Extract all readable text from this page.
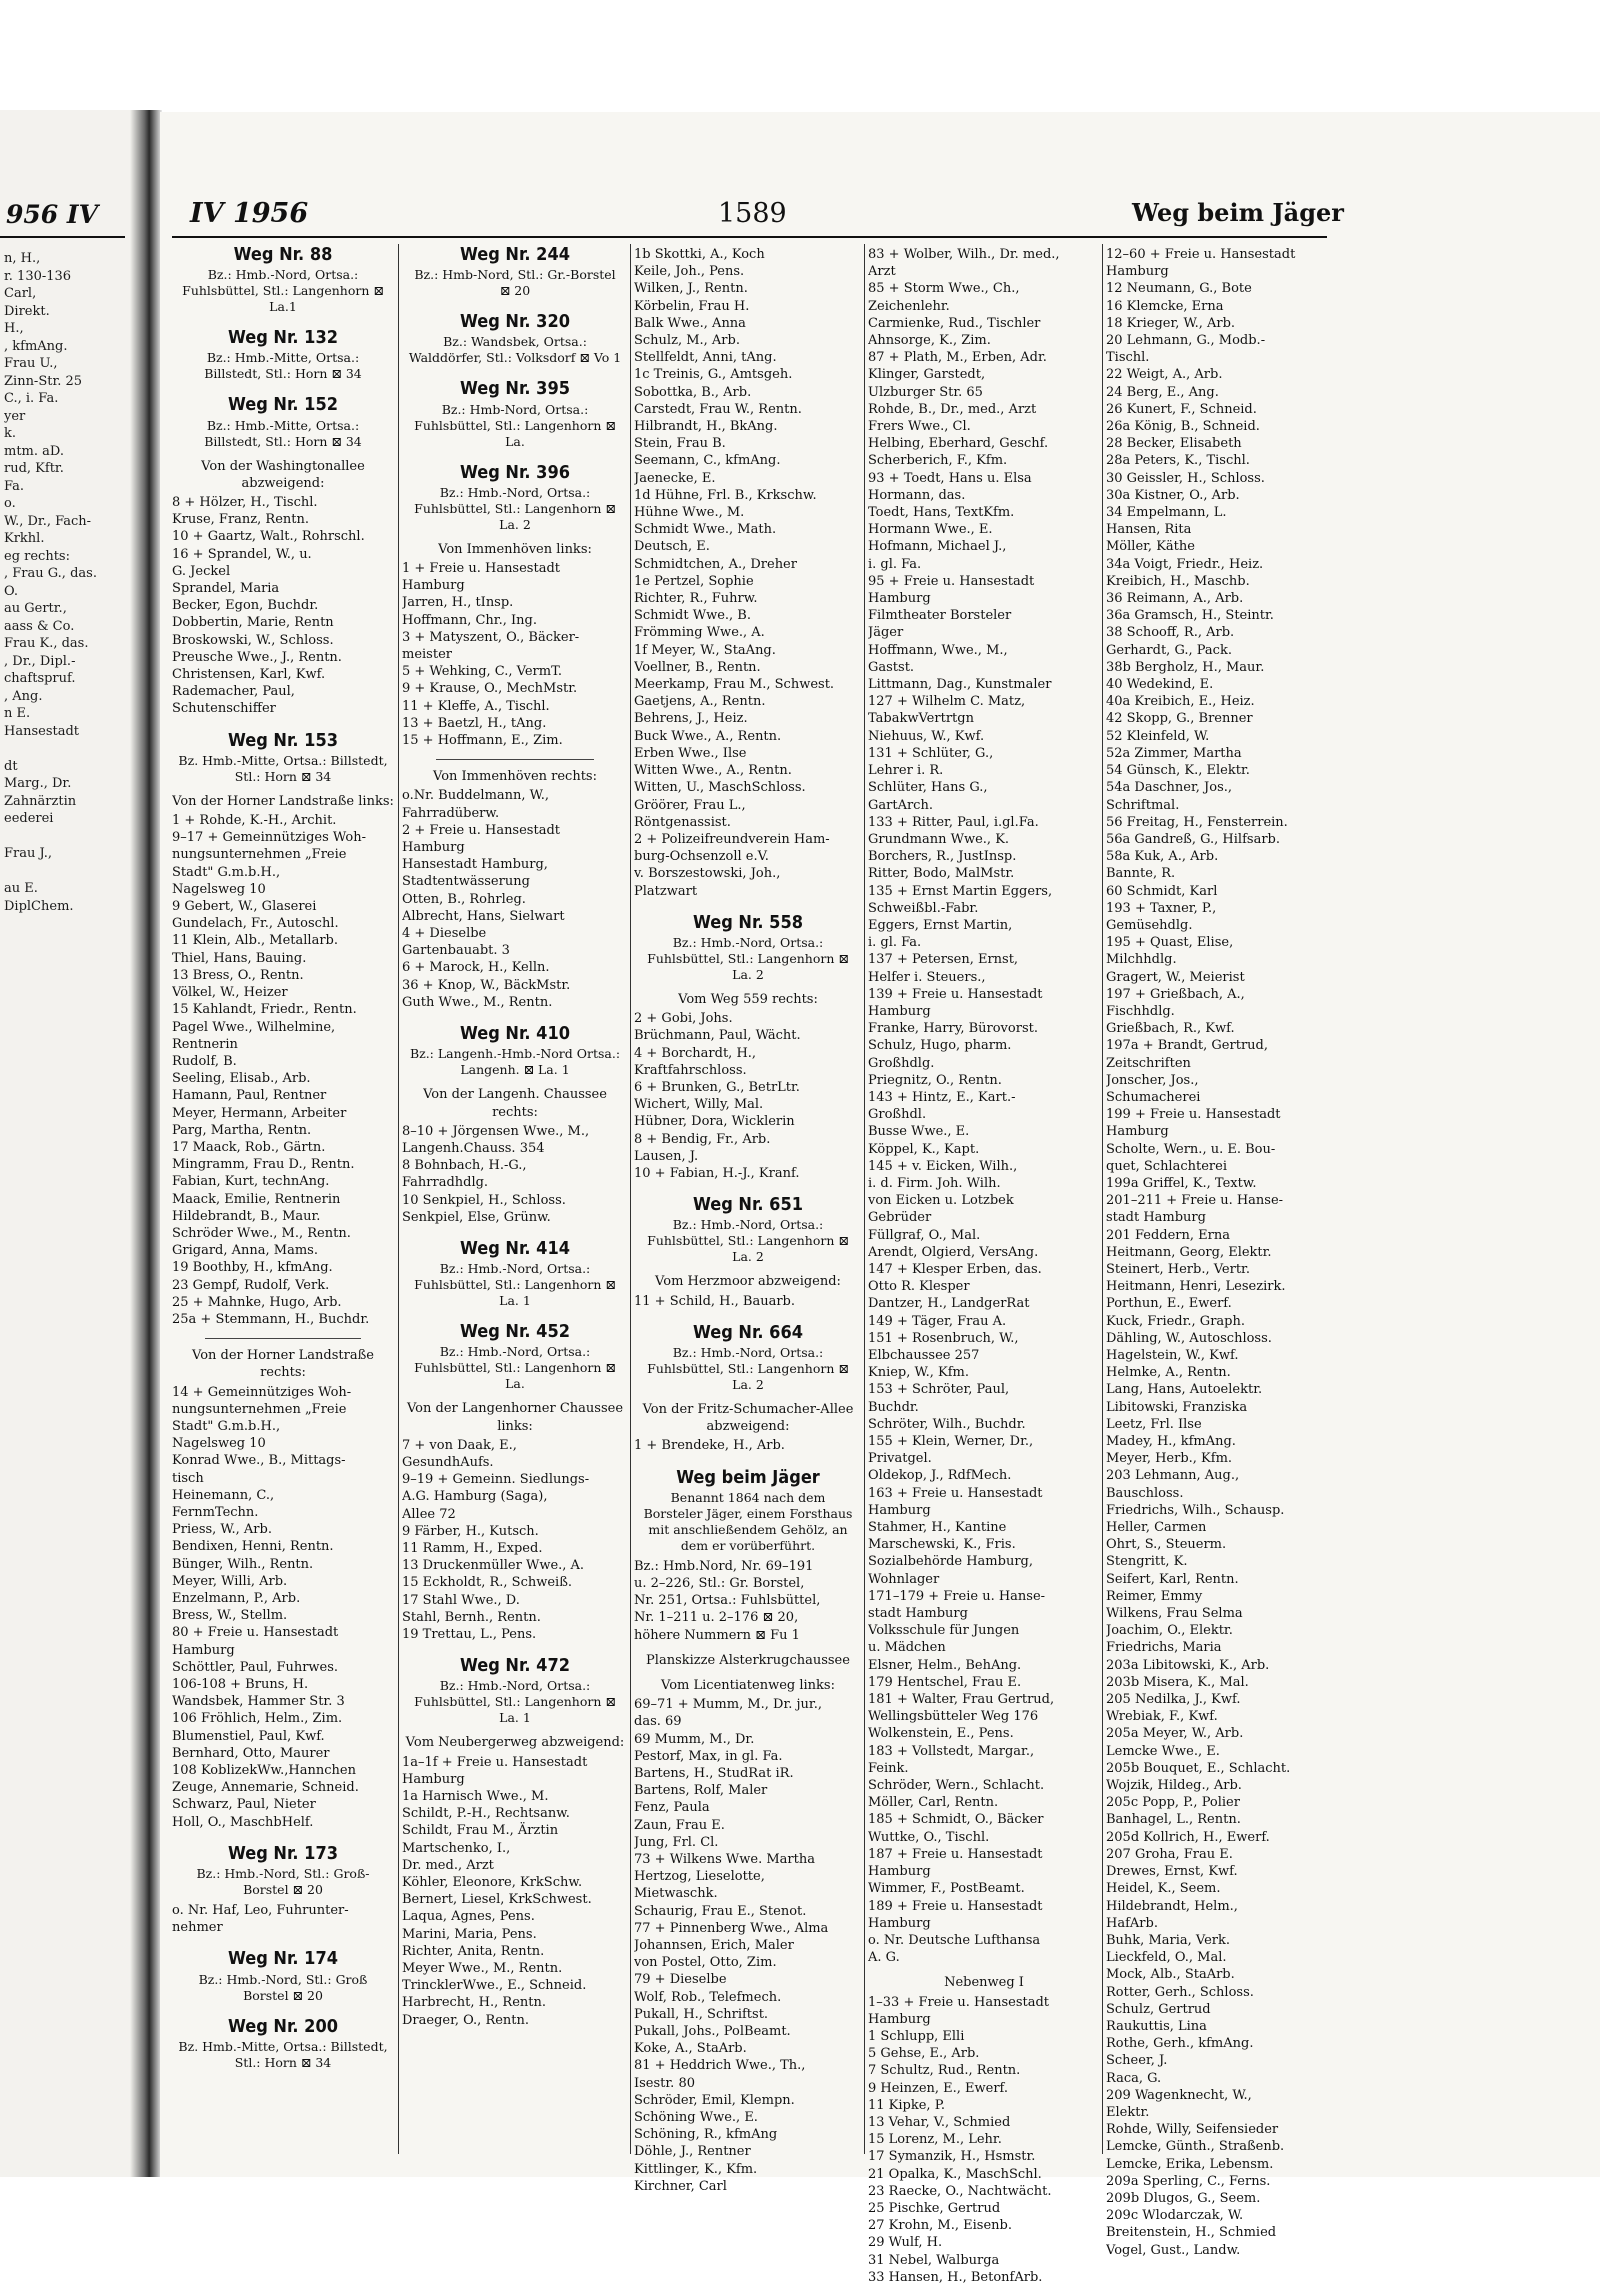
956 IV
n, H.,
r. 130-136
Carl,
Direkt.
H.,
, kfmAng.
Frau U.,
Zinn-Str. 25
C., i. Fa.
yer
k.
mtm. aD.
rud, Kftr.
Fa.
o.
W., Dr., Fach-
Krkhl.
eg rechts:
, Frau G., das.
O.
au Gertr.,
aass & Co.
Frau K., das.
, Dr., Dipl.-
chaftspruf.
, Ang.
n E.
Hansestadt

dt
Marg., Dr.
Zahnärztin
eederei

Frau J.,

au E.
DiplChem.
IV 1956	1589	Weg beim Jäger
Weg Nr. 88
Bz.: Hmb.-Nord, Ortsa.: Fuhlsbüttel, Stl.: Langenhorn ⊠ La.1
Weg Nr. 132
Bz.: Hmb.-Mitte, Ortsa.: Billstedt, Stl.: Horn ⊠ 34
Weg Nr. 152
Bz.: Hmb.-Mitte, Ortsa.: Billstedt, Stl.: Horn ⊠ 34
Von der Washingtonallee abzweigend:
8 + Hölzer, H., Tischl.
Kruse, Franz, Rentn.
10 + Gaartz, Walt., Rohrschl.
16 + Sprandel, W., u.
G. Jeckel
Sprandel, Maria
Becker, Egon, Buchdr.
Dobbertin, Marie, Rentn
Broskowski, W., Schloss.
Preusche Wwe., J., Rentn.
Christensen, Karl, Kwf.
Rademacher, Paul,
Schutenschiffer
Weg Nr. 153
Bz. Hmb.-Mitte, Ortsa.: Billstedt, Stl.: Horn ⊠ 34
Von der Horner Landstraße links:
1 + Rohde, K.-H., Archit.
9–17 + Gemeinnütziges Woh-
nungsunternehmen „Freie
Stadt" G.m.b.H.,
Nagelsweg 10
9 Gebert, W., Glaserei
Gundelach, Fr., Autoschl.
11 Klein, Alb., Metallarb.
Thiel, Hans, Bauing.
13 Bress, O., Rentn.
Völkel, W., Heizer
15 Kahlandt, Friedr., Rentn.
Pagel Wwe., Wilhelmine,
Rentnerin
Rudolf, B.
Seeling, Elisab., Arb.
Hamann, Paul, Rentner
Meyer, Hermann, Arbeiter
Parg, Martha, Rentn.
17 Maack, Rob., Gärtn.
Mingramm, Frau D., Rentn.
Fabian, Kurt, technAng.
Maack, Emilie, Rentnerin
Hildebrandt, B., Maur.
Schröder Wwe., M., Rentn.
Grigard, Anna, Mams.
19 Boothby, H., kfmAng.
23 Gempf, Rudolf, Verk.
25 + Mahnke, Hugo, Arb.
25a + Stemmann, H., Buchdr.
Von der Horner Landstraße rechts:
14 + Gemeinnütziges Woh-
nungsunternehmen „Freie
Stadt" G.m.b.H.,
Nagelsweg 10
Konrad Wwe., B., Mittags-
tisch
Heinemann, C.,
FernmTechn.
Priess, W., Arb.
Bendixen, Henni, Rentn.
Bünger, Wilh., Rentn.
Meyer, Willi, Arb.
Enzelmann, P., Arb.
Bress, W., Stellm.
80 + Freie u. Hansestadt
Hamburg
Schöttler, Paul, Fuhrwes.
106-108 + Bruns, H.
Wandsbek, Hammer Str. 3
106 Fröhlich, Helm., Zim.
Blumenstiel, Paul, Kwf.
Bernhard, Otto, Maurer
108 KoblizekWw.,Hannchen
Zeuge, Annemarie, Schneid.
Schwarz, Paul, Nieter
Holl, O., MaschbHelf.
Weg Nr. 173
Bz.: Hmb.-Nord, Stl.: Groß-Borstel ⊠ 20
o. Nr. Haf, Leo, Fuhrunter-
nehmer
Weg Nr. 174
Bz.: Hmb.-Nord, Stl.: Groß Borstel ⊠ 20
Weg Nr. 200
Bz. Hmb.-Mitte, Ortsa.: Billstedt, Stl.: Horn ⊠ 34
Weg Nr. 244
Bz.: Hmb-Nord, Stl.: Gr.-Borstel ⊠ 20
Weg Nr. 320
Bz.: Wandsbek, Ortsa.: Walddörfer, Stl.: Volksdorf ⊠ Vo 1
Weg Nr. 395
Bz.: Hmb-Nord, Ortsa.: Fuhlsbüttel, Stl.: Langenhorn ⊠ La.
Weg Nr. 396
Bz.: Hmb.-Nord, Ortsa.: Fuhlsbüttel, Stl.: Langenhorn ⊠ La. 2
Von Immenhöven links:
1 + Freie u. Hansestadt
Hamburg
Jarren, H., tInsp.
Hoffmann, Chr., Ing.
3 + Matyszent, O., Bäcker-
meister
5 + Wehking, C., VermT.
9 + Krause, O., MechMstr.
11 + Kleffe, A., Tischl.
13 + Baetzl, H., tAng.
15 + Hoffmann, E., Zim.
Von Immenhöven rechts:
o.Nr. Buddelmann, W.,
Fahrradüberw.
2 + Freie u. Hansestadt
Hamburg
Hansestadt Hamburg,
Stadtentwässerung
Otten, B., Rohrleg.
Albrecht, Hans, Sielwart
4 + Dieselbe
Gartenbauabt. 3
6 + Marock, H., Kelln.
36 + Knop, W., BäckMstr.
Guth Wwe., M., Rentn.
Weg Nr. 410
Bz.: Langenh.-Hmb.-Nord Ortsa.: Langenh. ⊠ La. 1
Von der Langenh. Chaussee rechts:
8–10 + Jörgensen Wwe., M.,
Langenh.Chauss. 354
8 Bohnbach, H.-G.,
Fahrradhdlg.
10 Senkpiel, H., Schloss.
Senkpiel, Else, Grünw.
Weg Nr. 414
Bz.: Hmb.-Nord, Ortsa.: Fuhlsbüttel, Stl.: Langenhorn ⊠ La. 1
Weg Nr. 452
Bz.: Hmb.-Nord, Ortsa.: Fuhlsbüttel, Stl.: Langenhorn ⊠ La.
Von der Langenhorner Chaussee links:
7 + von Daak, E.,
GesundhAufs.
9–19 + Gemeinn. Siedlungs-
A.G. Hamburg (Saga),
Allee 72
9 Färber, H., Kutsch.
11 Ramm, H., Exped.
13 Druckenmüller Wwe., A.
15 Eckholdt, R., Schweiß.
17 Stahl Wwe., D.
Stahl, Bernh., Rentn.
19 Trettau, L., Pens.
Weg Nr. 472
Bz.: Hmb.-Nord, Ortsa.: Fuhlsbüttel, Stl.: Langenhorn ⊠ La. 1
Vom Neubergerweg abzweigend:
1a–1f + Freie u. Hansestadt
Hamburg
1a Harnisch Wwe., M.
Schildt, P.-H., Rechtsanw.
Schildt, Frau M., Ärztin
Martschenko, I.,
Dr. med., Arzt
Köhler, Eleonore, KrkSchw.
Bernert, Liesel, KrkSchwest.
Laqua, Agnes, Pens.
Marini, Maria, Pens.
Richter, Anita, Rentn.
Meyer Wwe., M., Rentn.
TrincklerWwe., E., Schneid.
Harbrecht, H., Rentn.
Draeger, O., Rentn.
1b Skottki, A., Koch
Keile, Joh., Pens.
Wilken, J., Rentn.
Körbelin, Frau H.
Balk Wwe., Anna
Schulz, M., Arb.
Stellfeldt, Anni, tAng.
1c Treinis, G., Amtsgeh.
Sobottka, B., Arb.
Carstedt, Frau W., Rentn.
Hilbrandt, H., BkAng.
Stein, Frau B.
Seemann, C., kfmAng.
Jaenecke, E.
1d Hühne, Frl. B., Krkschw.
Hühne Wwe., M.
Schmidt Wwe., Math.
Deutsch, E.
Schmidtchen, A., Dreher
1e Pertzel, Sophie
Richter, R., Fuhrw.
Schmidt Wwe., B.
Frömming Wwe., A.
1f Meyer, W., StaAng.
Voellner, B., Rentn.
Meerkamp, Frau M., Schwest.
Gaetjens, A., Rentn.
Behrens, J., Heiz.
Buck Wwe., A., Rentn.
Erben Wwe., Ilse
Witten Wwe., A., Rentn.
Witten, U., MaschSchloss.
Gröörer, Frau L.,
Röntgenassist.
2 + Polizeifreundverein Ham-
burg-Ochsenzoll e.V.
v. Borszestowski, Joh.,
Platzwart
Weg Nr. 558
Bz.: Hmb.-Nord, Ortsa.: Fuhlsbüttel, Stl.: Langenhorn ⊠ La. 2
Vom Weg 559 rechts:
2 + Gobi, Johs.
Brüchmann, Paul, Wächt.
4 + Borchardt, H.,
Kraftfahrschloss.
6 + Brunken, G., BetrLtr.
Wichert, Willy, Mal.
Hübner, Dora, Wicklerin
8 + Bendig, Fr., Arb.
Lausen, J.
10 + Fabian, H.-J., Kranf.
Weg Nr. 651
Bz.: Hmb.-Nord, Ortsa.: Fuhlsbüttel, Stl.: Langenhorn ⊠ La. 2
Vom Herzmoor abzweigend:
11 + Schild, H., Bauarb.
Weg Nr. 664
Bz.: Hmb.-Nord, Ortsa.: Fuhlsbüttel, Stl.: Langenhorn ⊠ La. 2
Von der Fritz-Schumacher-Allee abzweigend:
1 + Brendeke, H., Arb.
Weg beim Jäger
Benannt 1864 nach dem Borsteler Jäger, einem Forsthaus mit anschließendem Gehölz, an dem er vorüberführt.
Bz.: Hmb.Nord, Nr. 69–191
u. 2–226, Stl.: Gr. Borstel,
Nr. 251, Ortsa.: Fuhlsbüttel,
Nr. 1–211 u. 2–176 ⊠ 20,
höhere Nummern ⊠ Fu 1
Planskizze Alsterkrugchaussee
Vom Licentiatenweg links:
69–71 + Mumm, M., Dr. jur.,
das. 69
69 Mumm, M., Dr.
Pestorf, Max, in gl. Fa.
Bartens, H., StudRat iR.
Bartens, Rolf, Maler
Fenz, Paula
Zaun, Frau E.
Jung, Frl. Cl.
73 + Wilkens Wwe. Martha
Hertzog, Lieselotte,
Mietwaschk.
Schaurig, Frau E., Stenot.
77 + Pinnenberg Wwe., Alma
Johannsen, Erich, Maler
von Postel, Otto, Zim.
79 + Dieselbe
Wolf, Rob., Telefmech.
Pukall, H., Schriftst.
Pukall, Johs., PolBeamt.
Koke, A., StaArb.
81 + Heddrich Wwe., Th.,
Isestr. 80
Schröder, Emil, Klempn.
Schöning Wwe., E.
Schöning, R., kfmAng
Döhle, J., Rentner
Kittlinger, K., Kfm.
Kirchner, Carl
83 + Wolber, Wilh., Dr. med.,
Arzt
85 + Storm Wwe., Ch.,
Zeichenlehr.
Carmienke, Rud., Tischler
Ahnsorge, K., Zim.
87 + Plath, M., Erben, Adr.
Klinger, Garstedt,
Ulzburger Str. 65
Rohde, B., Dr., med., Arzt
Frers Wwe., Cl.
Helbing, Eberhard, Geschf.
Scherberich, F., Kfm.
93 + Toedt, Hans u. Elsa
Hormann, das.
Toedt, Hans, TextKfm.
Hormann Wwe., E.
Hofmann, Michael J.,
i. gl. Fa.
95 + Freie u. Hansestadt
Hamburg
Filmtheater Borsteler
Jäger
Hoffmann, Wwe., M.,
Gastst.
Littmann, Dag., Kunstmaler
127 + Wilhelm C. Matz,
TabakwVertrtgn
Niehuus, W., Kwf.
131 + Schlüter, G.,
Lehrer i. R.
Schlüter, Hans G.,
GartArch.
133 + Ritter, Paul, i.gl.Fa.
Grundmann Wwe., K.
Borchers, R., JustInsp.
Ritter, Bodo, MalMstr.
135 + Ernst Martin Eggers,
Schweißbl.-Fabr.
Eggers, Ernst Martin,
i. gl. Fa.
137 + Petersen, Ernst,
Helfer i. Steuers.,
139 + Freie u. Hansestadt
Hamburg
Franke, Harry, Bürovorst.
Schulz, Hugo, pharm.
Großhdlg.
Priegnitz, O., Rentn.
143 + Hintz, E., Kart.-
Großhdl.
Busse Wwe., E.
Köppel, K., Kapt.
145 + v. Eicken, Wilh.,
i. d. Firm. Joh. Wilh.
von Eicken u. Lotzbek
Gebrüder
Füllgraf, O., Mal.
Arendt, Olgierd, VersAng.
147 + Klesper Erben, das.
Otto R. Klesper
Dantzer, H., LandgerRat
149 + Täger, Frau A.
151 + Rosenbruch, W.,
Elbchaussee 257
Kniep, W., Kfm.
153 + Schröter, Paul,
Buchdr.
Schröter, Wilh., Buchdr.
155 + Klein, Werner, Dr.,
Privatgel.
Oldekop, J., RdfMech.
163 + Freie u. Hansestadt
Hamburg
Stahmer, H., Kantine
Marschewski, K., Fris.
Sozialbehörde Hamburg,
Wohnlager
171–179 + Freie u. Hanse-
stadt Hamburg
Volksschule für Jungen
u. Mädchen
Elsner, Helm., BehAng.
179 Hentschel, Frau E.
181 + Walter, Frau Gertrud,
Wellingsbütteler Weg 176
Wolkenstein, E., Pens.
183 + Vollstedt, Margar.,
Feink.
Schröder, Wern., Schlacht.
Möller, Carl, Rentn.
185 + Schmidt, O., Bäcker
Wuttke, O., Tischl.
187 + Freie u. Hansestadt
Hamburg
Wimmer, F., PostBeamt.
189 + Freie u. Hansestadt
Hamburg
o. Nr. Deutsche Lufthansa
A. G.
Nebenweg I
1–33 + Freie u. Hansestadt
Hamburg
1 Schlupp, Elli
5 Gehse, E., Arb.
7 Schultz, Rud., Rentn.
9 Heinzen, E., Ewerf.
11 Kipke, P.
13 Vehar, V., Schmied
15 Lorenz, M., Lehr.
17 Symanzik, H., Hsmstr.
21 Opalka, K., MaschSchl.
23 Raecke, O., Nachtwächt.
25 Pischke, Gertrud
27 Krohn, M., Eisenb.
29 Wulf, H.
31 Nebel, Walburga
33 Hansen, H., BetonfArb.
12–60 + Freie u. Hansestadt
Hamburg
12 Neumann, G., Bote
16 Klemcke, Erna
18 Krieger, W., Arb.
20 Lehmann, G., Modb.-
Tischl.
22 Weigt, A., Arb.
24 Berg, E., Ang.
26 Kunert, F., Schneid.
26a König, B., Schneid.
28 Becker, Elisabeth
28a Peters, K., Tischl.
30 Geissler, H., Schloss.
30a Kistner, O., Arb.
34 Empelmann, L.
Hansen, Rita
Möller, Käthe
34a Voigt, Friedr., Heiz.
Kreibich, H., Maschb.
36 Reimann, A., Arb.
36a Gramsch, H., Steintr.
38 Schooff, R., Arb.
Gerhardt, G., Pack.
38b Bergholz, H., Maur.
40 Wedekind, E.
40a Kreibich, E., Heiz.
42 Skopp, G., Brenner
52 Kleinfeld, W.
52a Zimmer, Martha
54 Günsch, K., Elektr.
54a Daschner, Jos.,
Schriftmal.
56 Freitag, H., Fensterrein.
56a Gandreß, G., Hilfsarb.
58a Kuk, A., Arb.
Bannte, R.
60 Schmidt, Karl
193 + Taxner, P.,
Gemüsehdlg.
195 + Quast, Elise,
Milchhdlg.
Gragert, W., Meierist
197 + Grießbach, A.,
Fischhdlg.
Grießbach, R., Kwf.
197a + Brandt, Gertrud,
Zeitschriften
Jonscher, Jos.,
Schumacherei
199 + Freie u. Hansestadt
Hamburg
Scholte, Wern., u. E. Bou-
quet, Schlachterei
199a Griffel, K., Textw.
201–211 + Freie u. Hanse-
stadt Hamburg
201 Feddern, Erna
Heitmann, Georg, Elektr.
Steinert, Herb., Vertr.
Heitmann, Henri, Lesezirk.
Porthun, E., Ewerf.
Kuck, Friedr., Graph.
Dähling, W., Autoschloss.
Hagelstein, W., Kwf.
Helmke, A., Rentn.
Lang, Hans, Autoelektr.
Libitowski, Franziska
Leetz, Frl. Ilse
Madey, H., kfmAng.
Meyer, Herb., Kfm.
203 Lehmann, Aug.,
Bauschloss.
Friedrichs, Wilh., Schausp.
Heller, Carmen
Ohrt, S., Steuerm.
Stengritt, K.
Seifert, Karl, Rentn.
Reimer, Emmy
Wilkens, Frau Selma
Joachim, O., Elektr.
Friedrichs, Maria
203a Libitowski, K., Arb.
203b Misera, K., Mal.
205 Nedilka, J., Kwf.
Wrebiak, F., Kwf.
205a Meyer, W., Arb.
Lemcke Wwe., E.
205b Bouquet, E., Schlacht.
Wojzik, Hildeg., Arb.
205c Popp, P., Polier
Banhagel, L., Rentn.
205d Kollrich, H., Ewerf.
207 Groha, Frau E.
Drewes, Ernst, Kwf.
Heidel, K., Seem.
Hildebrandt, Helm.,
HafArb.
Buhk, Maria, Verk.
Lieckfeld, O., Mal.
Mock, Alb., StaArb.
Rotter, Gerh., Schloss.
Schulz, Gertrud
Raukuttis, Lina
Rothe, Gerh., kfmAng.
Scheer, J.
Raca, G.
209 Wagenknecht, W.,
Elektr.
Rohde, Willy, Seifensieder
Lemcke, Günth., Straßenb.
Lemcke, Erika, Lebensm.
209a Sperling, C., Ferns.
209b Dlugos, G., Seem.
209c Wlodarczak, W.
Breitenstein, H., Schmied
Vogel, Gust., Landw.
